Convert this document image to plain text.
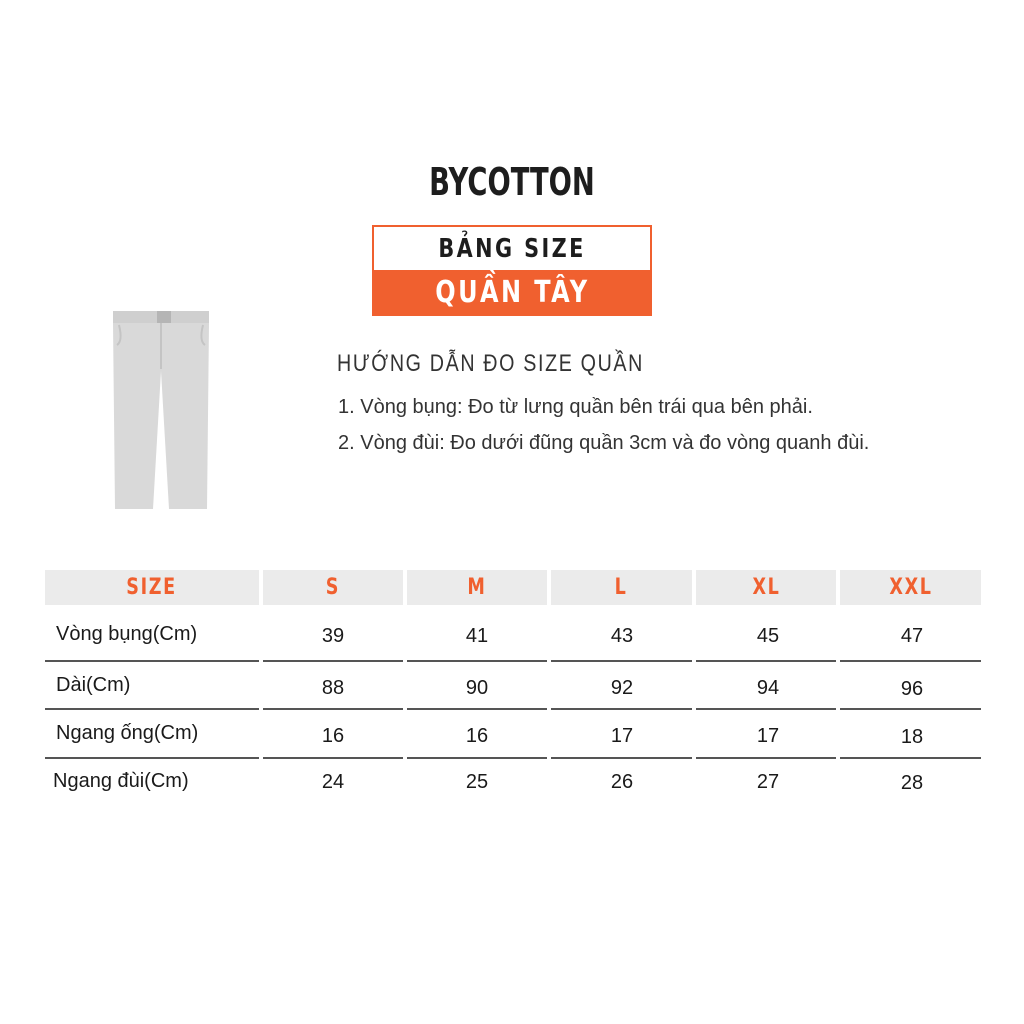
BYCOTTON
BẢNG SIZE
QUẦN TÂY
HƯỚNG DẪN ĐO SIZE QUẦN
1. Vòng bụng: Đo từ lưng quần bên trái qua bên phải.
2. Vòng đùi: Đo dưới đũng quần 3cm và đo vòng quanh đùi.
SIZE	S	M	L	XL	XXL
Vòng bụng(Cm)	39	41	43	45	47
Dài(Cm)	88	90	92	94	96
Ngang ống(Cm)	16	16	17	17	18
Ngang đùi(Cm)	24	25	26	27	28
